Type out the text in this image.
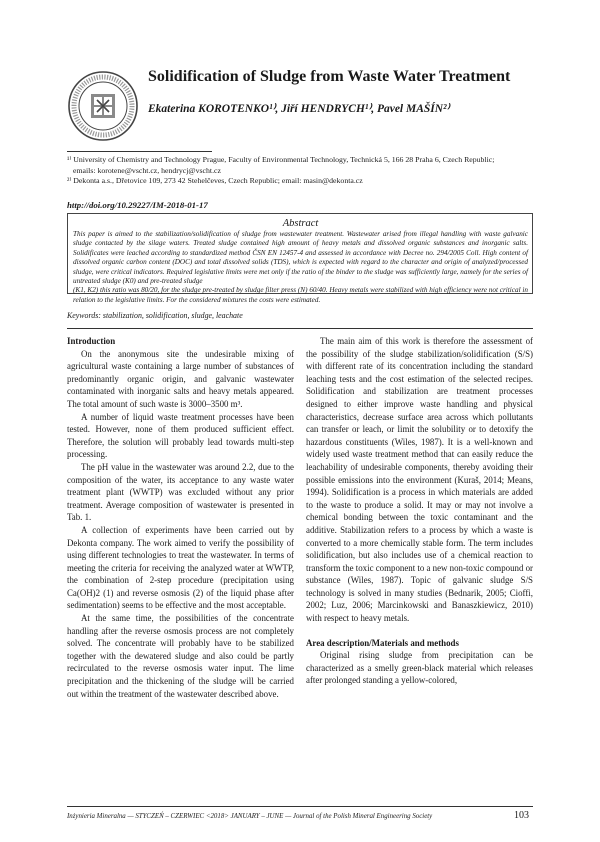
Solidification of Sludge from Waste Water Treatment
Ekaterina KOROTENKO¹⁾, Jiří HENDRYCH¹⁾, Pavel MAŠÍN²⁾

¹⁾ University of Chemistry and Technology Prague, Faculty of Environmental Technology, Technická 5, 166 28 Praha 6, Czech Republic;

emails: korotene@vscht.cz, hendrycj@vscht.cz

²⁾ Dekonta a.s., Dřetovice 109, 273 42 Stehelčeves, Czech Republic; email: masin@dekonta.cz

http://doi.org/10.29227/IM-2018-01-17
Abstract

This paper is aimed to the stabilization/solidification of sludge from wastewater treatment. Wastewater arised from illegal handling with waste galvanic sludge contacted by the silage waters. Treated sludge contained high amount of heavy metals and dissolved organic substances and inorganic salts. Solidificates were leached according to standardized method ČSN EN 12457-4 and assessed in accordance with Decree no. 294/2005 Coll. High content of dissolved organic carbon content (DOC) and total dissolved solids (TDS), which is expected with regard to the character and origin of analyzed/processed sludge, were critical indicators. Required legislative limits were met only if the ratio of the binder to the sludge was sufficiently large, namely for the series of untreated sludge (K0) and pre-treated sludge

(K1, K2) this ratio was 80/20, for the sludge pre-treated by sludge filter press (N) 60/40. Heavy metals were stabilized with high efficiency were not critical in relation to the legislative limits. For the considered mixtures the costs were estimated.

Keywords: stabilization, solidification, sludge, leachate
Introduction

On the anonymous site the undesirable mixing of agricultural waste containing a large number of substances of predominantly organic origin, and galvanic wastewater contaminated with inorganic salts and heavy metals appeared. The total amount of such waste is 3000–3500 m³.

A number of liquid waste treatment processes have been tested. However, none of them produced sufficient effect. Therefore, the solution will probably lead towards multi-step processing.

The pH value in the wastewater was around 2.2, due to the composition of the water, its acceptance to any waste water treatment plant (WWTP) was excluded without any prior treatment. Average composition of wastewater is presented in Tab. 1.

A collection of experiments have been carried out by Dekonta company. The work aimed to verify the possibility of using different technologies to treat the wastewater. In terms of meeting the criteria for receiving the analyzed water at WWTP, the combination of 2-step procedure (precipitation using Ca(OH)2 (1) and reverse osmosis (2) of the liquid phase after sedimentation) seems to be effective and the most acceptable.

At the same time, the possibilities of the concentrate handling after the reverse osmosis process are not completely solved. The concentrate will probably have to be stabilized together with the dewatered sludge and also could be partly recirculated to the reverse osmosis water input. The lime precipitation and the thickening of the sludge will be carried out within the treatment of the wastewater described above.

The main aim of this work is therefore the assessment of the possibility of the sludge stabilization/solidification (S/S) with different rate of its concentration including the standard leaching tests and the cost estimation of the selected recipes. Solidification and stabilization are treatment processes designed to either improve waste handling and physical characteristics, decrease surface area across which pollutants can transfer or leach, or limit the solubility or to detoxify the hazardous constituents (Wiles, 1987). It is a well-known and widely used waste treatment method that can easily reduce the leachability of undesirable components, thereby avoiding their possible emissions into the environment (Kuraš, 2014; Means, 1994). Solidification is a process in which materials are added to the waste to produce a solid. It may or may not involve a chemical bonding between the toxic contaminant and the additive. Stabilization refers to a process by which a waste is converted to a more chemically stable form. The term includes solidification, but also includes use of a chemical reaction to transform the toxic component to a new non-toxic compound or substance (Wiles, 1987). Topic of galvanic sludge S/S technology is solved in many studies (Bednarik, 2005; Cioffi, 2002; Luz, 2006; Marcinkowski and Banaszkiewicz, 2010) with respect to heavy metals.

Area description/Materials and methods

Original rising sludge from precipitation can be characterized as a smelly green-black material which releases after prolonged standing a yellow-colored,

Inżynieria Mineralna — STYCZEŃ – CZERWIEC <2018> JANUARY – JUNE — Journal of the Polish Mineral Engineering Society	103
